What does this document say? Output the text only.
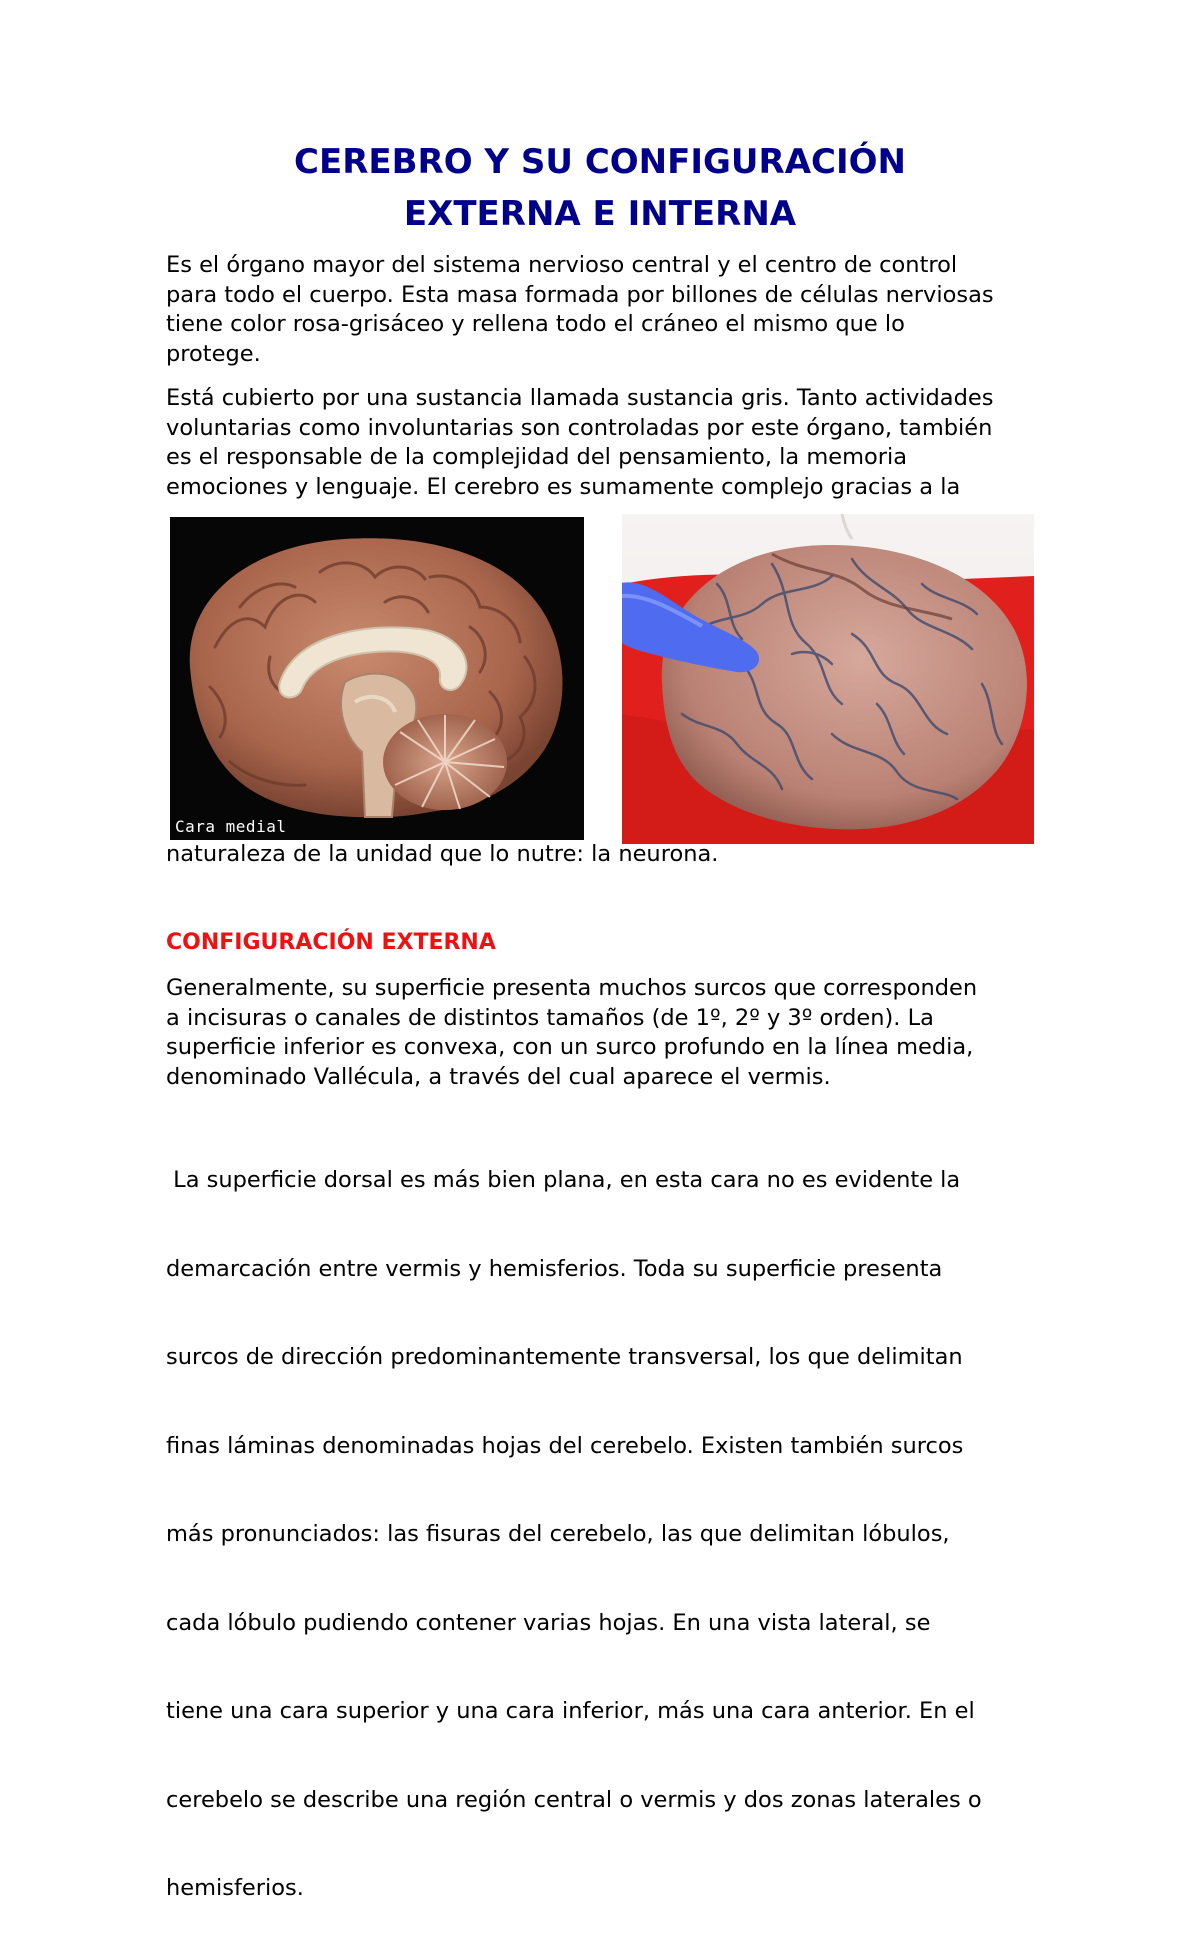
CEREBRO Y SU CONFIGURACIÓN
EXTERNA E INTERNA

Es el órgano mayor del sistema nervioso central y el centro de control
para todo el cuerpo. Esta masa formada por billones de células nerviosas
tiene color rosa-grisáceo y rellena todo el cráneo el mismo que lo
protege.

Está cubierto por una sustancia llamada sustancia gris. Tanto actividades
voluntarias como involuntarias son controladas por este órgano, también
es el responsable de la complejidad del pensamiento, la memoria
emociones y lenguaje. El cerebro es sumamente complejo gracias a la

Cara medial

naturaleza de la unidad que lo nutre: la neurona.

CONFIGURACIÓN EXTERNA

Generalmente, su superficie presenta muchos surcos que corresponden
a incisuras o canales de distintos tamaños (de 1º, 2º y 3º orden). La
superficie inferior es convexa, con un surco profundo en la línea media,
denominado Vallécula, a través del cual aparece el vermis.

La superficie dorsal es más bien plana, en esta cara no es evidente la

demarcación entre vermis y hemisferios. Toda su superficie presenta

surcos de dirección predominantemente transversal, los que delimitan

finas láminas denominadas hojas del cerebelo. Existen también surcos

más pronunciados: las fisuras del cerebelo, las que delimitan lóbulos,

cada lóbulo pudiendo contener varias hojas. En una vista lateral, se

tiene una cara superior y una cara inferior, más una cara anterior. En el

cerebelo se describe una región central o vermis y dos zonas laterales o

hemisferios.
